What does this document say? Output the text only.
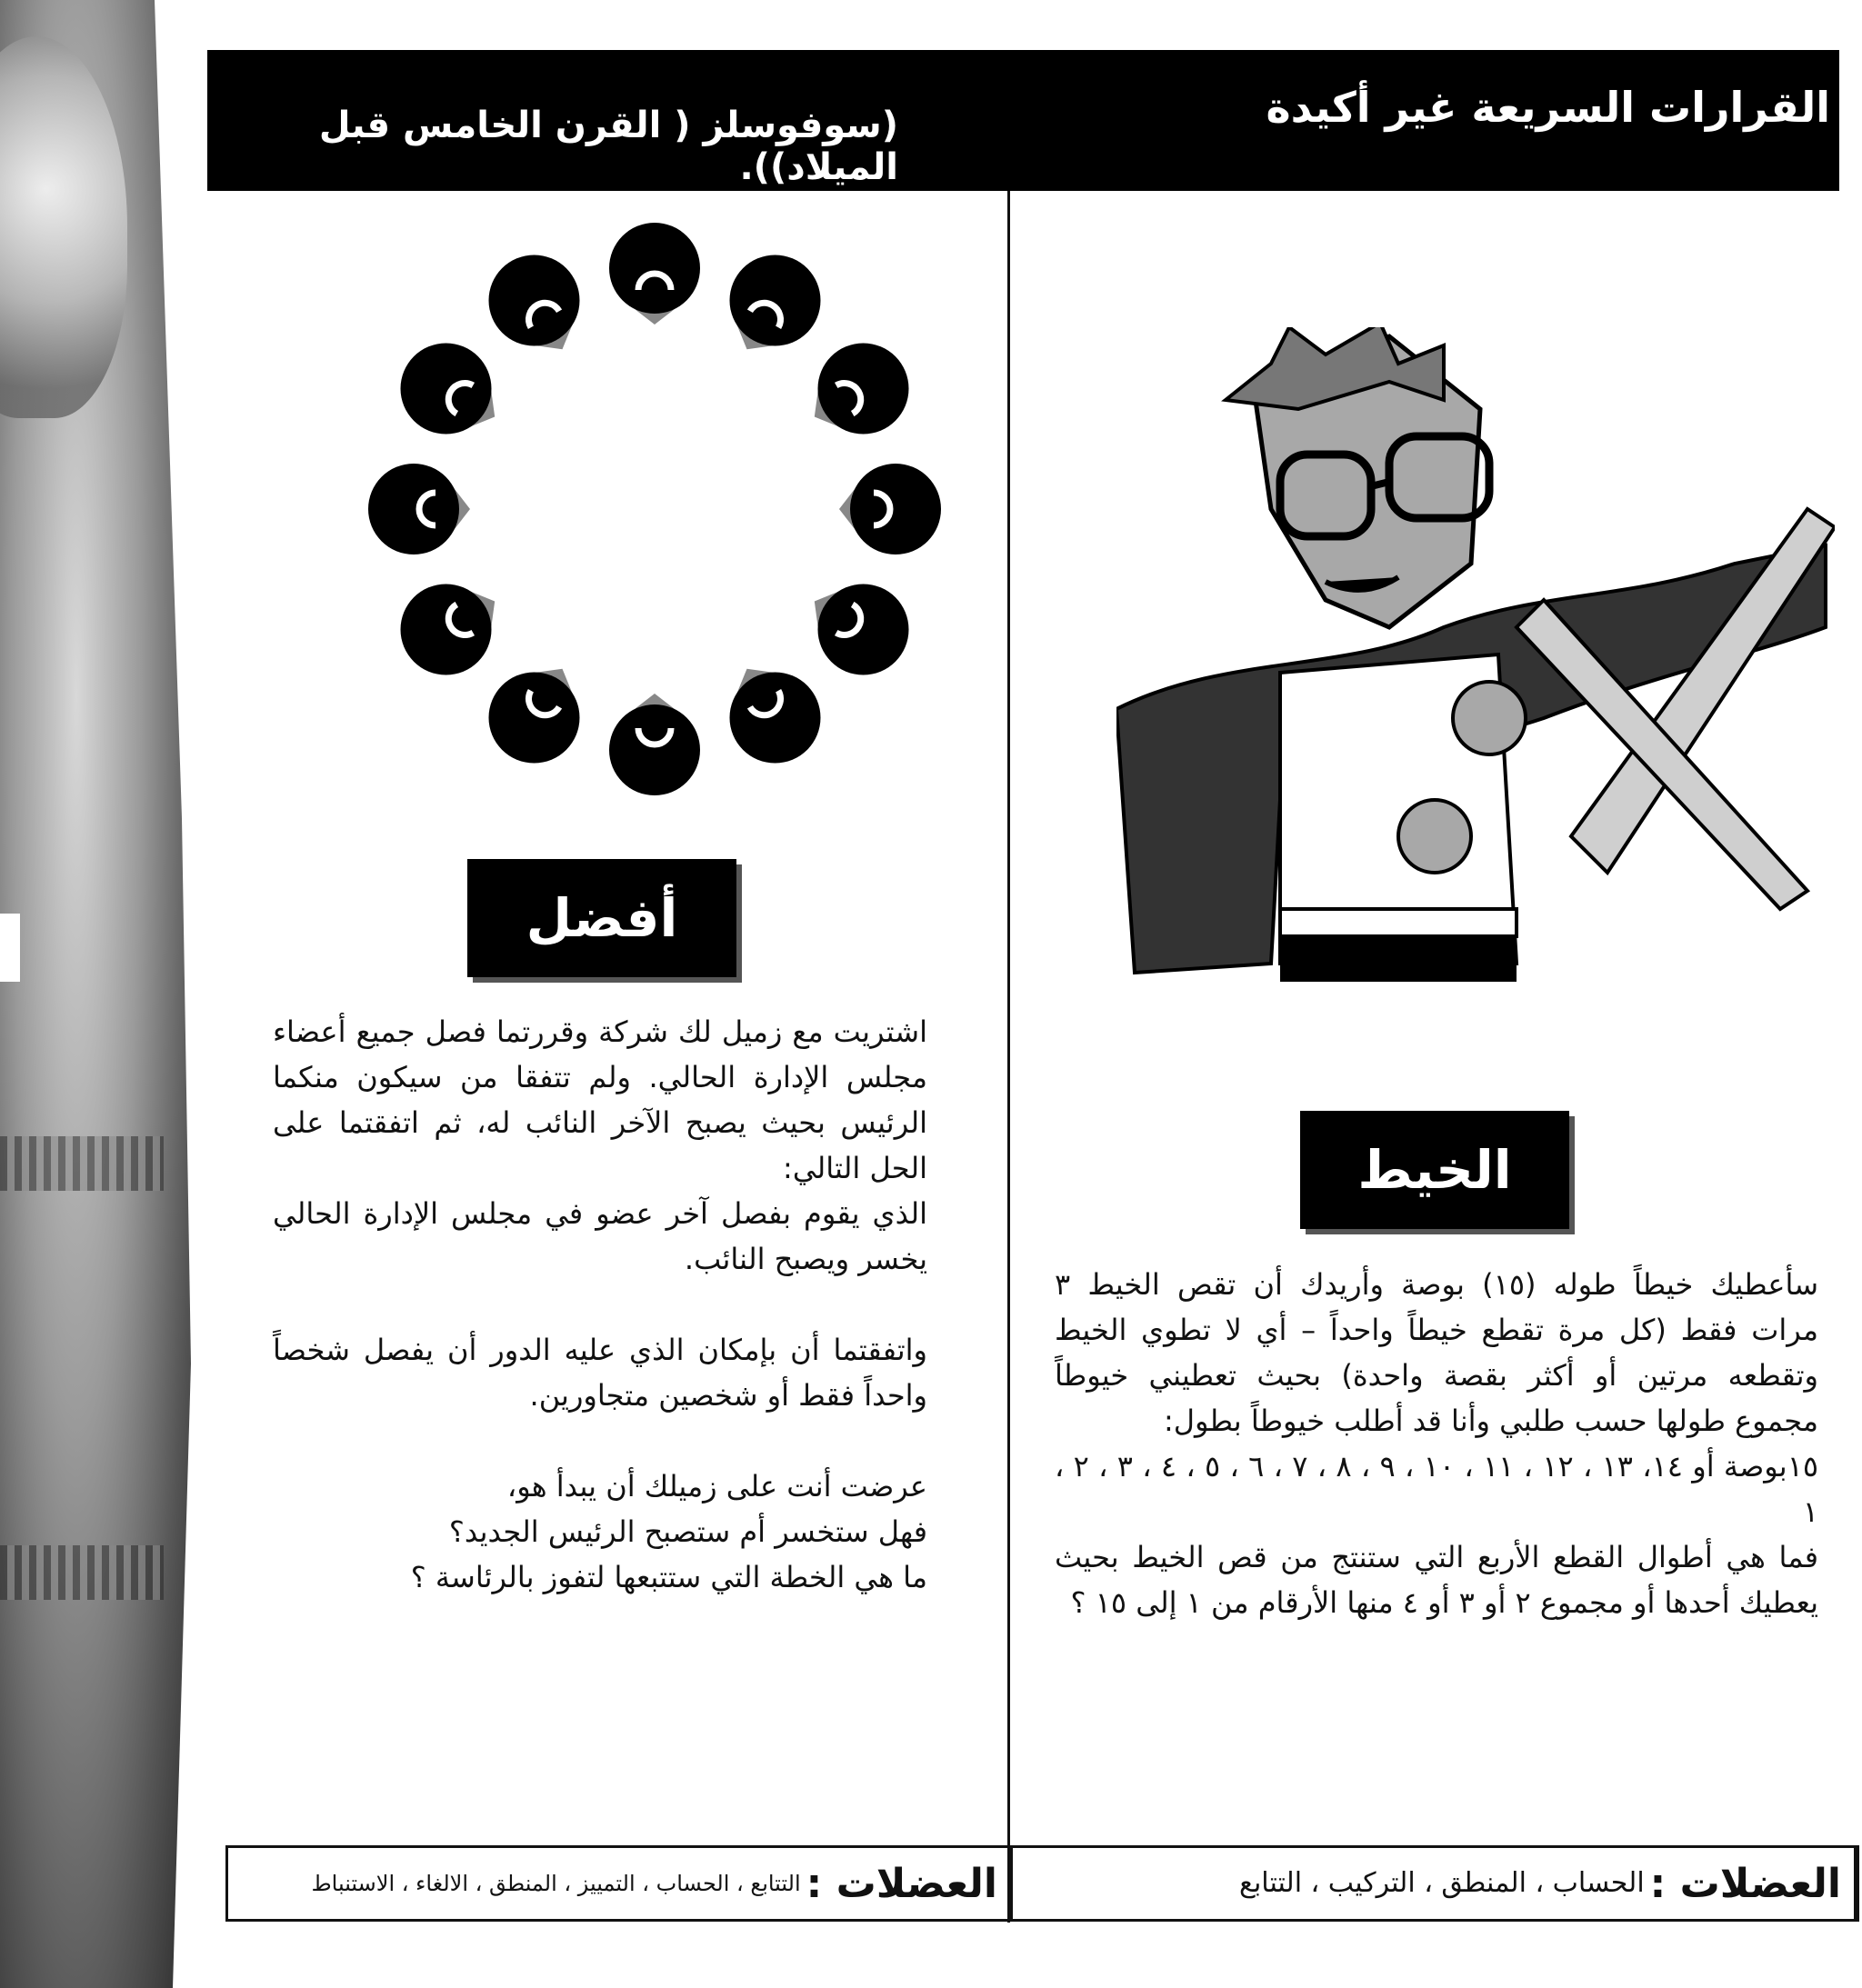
القرارات السريعة غير أكيدة
(سوفوسلز ( القرن الخامس قبل الميلاد)).
أفضل
الخيط

اشتريت مع زميل لك شركة وقررتما فصل جميع أعضاء مجلس الإدارة الحالي. ولم تتفقا من سيكون منكما الرئيس بحيث يصبح الآخر النائب له، ثم اتفقتما على الحل التالي:

الذي يقوم بفصل آخر عضو في مجلس الإدارة الحالي يخسر ويصبح النائب.

واتفقتما أن بإمكان الذي عليه الدور أن يفصل شخصاً واحداً فقط أو شخصين متجاورين.

عرضت أنت على زميلك أن يبدأ هو،

فهل ستخسر أم ستصبح الرئيس الجديد؟

ما هي الخطة التي ستتبعها لتفوز بالرئاسة ؟

سأعطيك خيطاً طوله (١٥) بوصة وأريدك أن تقص الخيط ٣ مرات فقط (كل مرة تقطع خيطاً واحداً – أي لا تطوي الخيط وتقطعه مرتين أو أكثر بقصة واحدة) بحيث تعطيني خيوطاً مجموع طولها حسب طلبي وأنا قد أطلب خيوطاً بطول:

١٥بوصة أو ١٤، ١٣ ، ١٢ ، ١١ ، ١٠ ، ٩ ، ٨ ، ٧ ، ٦ ، ٥ ، ٤ ، ٣ ، ٢ ، ١

فما هي أطوال القطع الأربع التي ستنتج من قص الخيط بحيث يعطيك أحدها أو مجموع ٢ أو ٣ أو ٤ منها الأرقام من ١ إلى ١٥ ؟

العضلات :
التتابع ، الحساب ، التمييز ، المنطق ، الالغاء ، الاستنباط	العضلات :
الحساب ، المنطق ، التركيب ، التتابع
